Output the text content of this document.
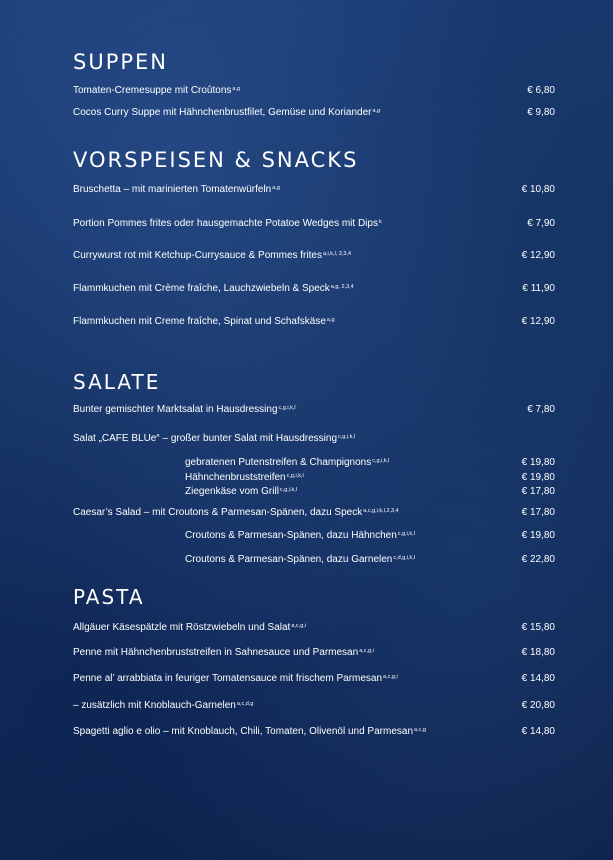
SUPPEN
Tomaten-Cremesuppe mit Croûtons$^{a,g}$	€ 6,80
Cocos Curry Suppe mit Hähnchenbrustfilet, Gemüse und Koriander$^{a,g}$	€ 9,80
VORSPEISEN & SNACKS
Bruschetta – mit marinierten Tomatenwürfeln$^{a,g}$	€ 10,80
Portion Pommes frites oder hausgemachte Potatoe Wedges mit Dips$^k$	€ 7,90
Currywurst rot mit Ketchup-Currysauce & Pommes frites$^{a,i,k,l, 2,3,4}$	€ 12,90
Flammkuchen mit Crème fraîche, Lauchzwiebeln & Speck$^{a,g, 2,3,4}$	€ 11,90
Flammkuchen mit Creme fraîche, Spinat und Schafskäse$^{a,g}$	€ 12,90
SALATE
Bunter gemischter Marktsalat in Hausdressing$^{c,g,i,k,l}$	€ 7,80
Salat „CAFE BLUe“ – großer bunter Salat mit Hausdressing$^{c,g,i,k,l}$
gebratenen Putenstreifen & Champignons$^{c,g,i,k,l}$	€ 19,80
Hähnchenbruststreifen$^{c,g,i,k,l}$	€ 19,80
Ziegenkäse vom Grill$^{c,g,i,k,l}$	€ 17,80
Caesar’s Salad – mit Croutons & Parmesan-Spänen, dazu Speck$^{a,c,g,i,k,l,2,3,4}$	€ 17,80
Croutons & Parmesan-Spänen, dazu Hähnchen$^{c,g,i,k,l}$	€ 19,80
Croutons & Parmesan-Spänen, dazu Garnelen$^{c,d,g,i,k,l}$	€ 22,80
PASTA
Allgäuer Käsespätzle mit Röstzwiebeln und Salat$^{a,c,g,i}$	€ 15,80
Penne mit Hähnchenbruststreifen in Sahnesauce und Parmesan$^{a,c,g,i}$	€ 18,80
Penne al’ arrabbiata in feuriger Tomatensauce mit frischem Parmesan$^{a,c,g,i}$	€ 14,80
– zusätzlich mit Knoblauch-Garnelen$^{a,c,d,g}$	€ 20,80
Spagetti aglio e olio – mit Knoblauch, Chili, Tomaten, Olivenöl und Parmesan$^{a,c,g}$	€ 14,80
